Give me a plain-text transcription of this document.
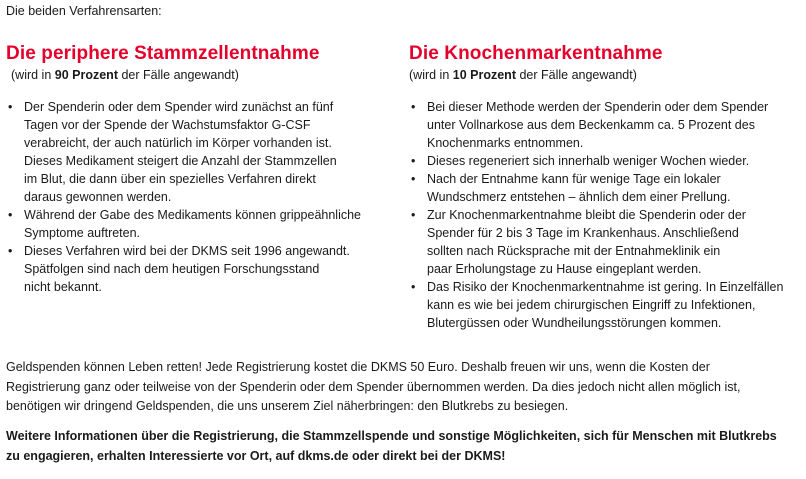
Die beiden Verfahrensarten:
Die periphere Stammzellentnahme
(wird in 90 Prozent der Fälle angewandt)
• Der Spenderin oder dem Spender wird zunächst an fünf
Tagen vor der Spende der Wachstumsfaktor G-CSF
verabreicht, der auch natürlich im Körper vorhanden ist.
Dieses Medikament steigert die Anzahl der Stammzellen
im Blut, die dann über ein spezielles Verfahren direkt
daraus gewonnen werden.
• Während der Gabe des Medikaments können grippeähnliche
Symptome auftreten.
• Dieses Verfahren wird bei der DKMS seit 1996 angewandt.
Spätfolgen sind nach dem heutigen Forschungsstand
nicht bekannt.
Die Knochenmarkentnahme
(wird in 10 Prozent der Fälle angewandt)
• Bei dieser Methode werden der Spenderin oder dem Spender
unter Vollnarkose aus dem Beckenkamm ca. 5 Prozent des
Knochenmarks entnommen.
• Dieses regeneriert sich innerhalb weniger Wochen wieder.
• Nach der Entnahme kann für wenige Tage ein lokaler
Wundschmerz entstehen – ähnlich dem einer Prellung.
• Zur Knochenmarkentnahme bleibt die Spenderin oder der
Spender für 2 bis 3 Tage im Krankenhaus. Anschließend
sollten nach Rücksprache mit der Entnahmeklinik ein
paar Erholungstage zu Hause eingeplant werden.
• Das Risiko der Knochenmarkentnahme ist gering. In Einzelfällen
kann es wie bei jedem chirurgischen Eingriff zu Infektionen,
Blutergüssen oder Wundheilungsstörungen kommen.
Geldspenden können Leben retten! Jede Registrierung kostet die DKMS 50 Euro. Deshalb freuen wir uns, wenn die Kosten der
Registrierung ganz oder teilweise von der Spenderin oder dem Spender übernommen werden. Da dies jedoch nicht allen möglich ist,
benötigen wir dringend Geldspenden, die uns unserem Ziel näherbringen: den Blutkrebs zu besiegen.
Weitere Informationen über die Registrierung, die Stammzellspende und sonstige Möglichkeiten, sich für Menschen mit Blutkrebs
zu engagieren, erhalten Interessierte vor Ort, auf dkms.de oder direkt bei der DKMS!
